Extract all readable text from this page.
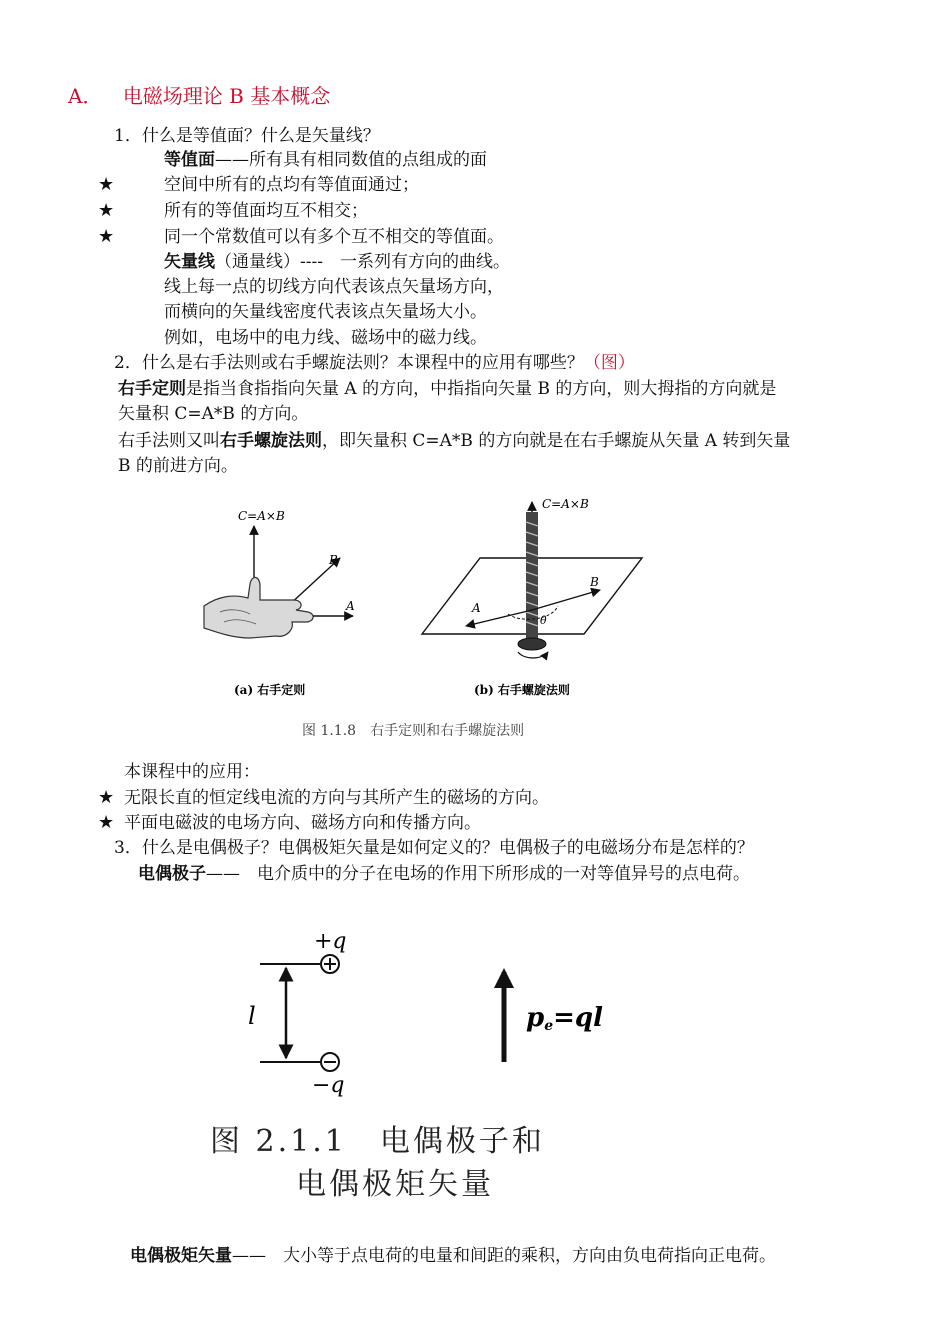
A． 电磁场理论 B 基本概念
1．什么是等值面？什么是矢量线？
等值面——所有具有相同数值的点组成的面
★	空间中所有的点均有等值面通过；
★	所有的等值面均互不相交；
★	同一个常数值可以有多个互不相交的等值面。
矢量线（通量线）----　一系列有方向的曲线。
线上每一点的切线方向代表该点矢量场方向，
而横向的矢量线密度代表该点矢量场大小。
例如，电场中的电力线、磁场中的磁力线。
2．什么是右手法则或右手螺旋法则？本课程中的应用有哪些？（图）
右手定则是指当食指指向矢量 A 的方向，中指指向矢量 B 的方向，则大拇指的方向就是
矢量积 C=A*B 的方向。
右手法则又叫右手螺旋法则，即矢量积 C=A*B 的方向就是在右手螺旋从矢量 A 转到矢量
B 的前进方向。
C=A×B
B
A
(a) 右手定则
C=A×B
B
A
θ
(b) 右手螺旋法则
图 1.1.8　右手定则和右手螺旋法则
本课程中的应用：
★ 无限长直的恒定线电流的方向与其所产生的磁场的方向。
★ 平面电磁波的电场方向、磁场方向和传播方向。
3．什么是电偶极子？电偶极矩矢量是如何定义的？电偶极子的电磁场分布是怎样的？
电偶极子——　电介质中的分子在电场的作用下所形成的一对等值异号的点电荷。
+q
l
−q
pe=ql
图 2.1.1　电偶极子和
电偶极矩矢量
电偶极矩矢量——　大小等于点电荷的电量和间距的乘积，方向由负电荷指向正电荷。
